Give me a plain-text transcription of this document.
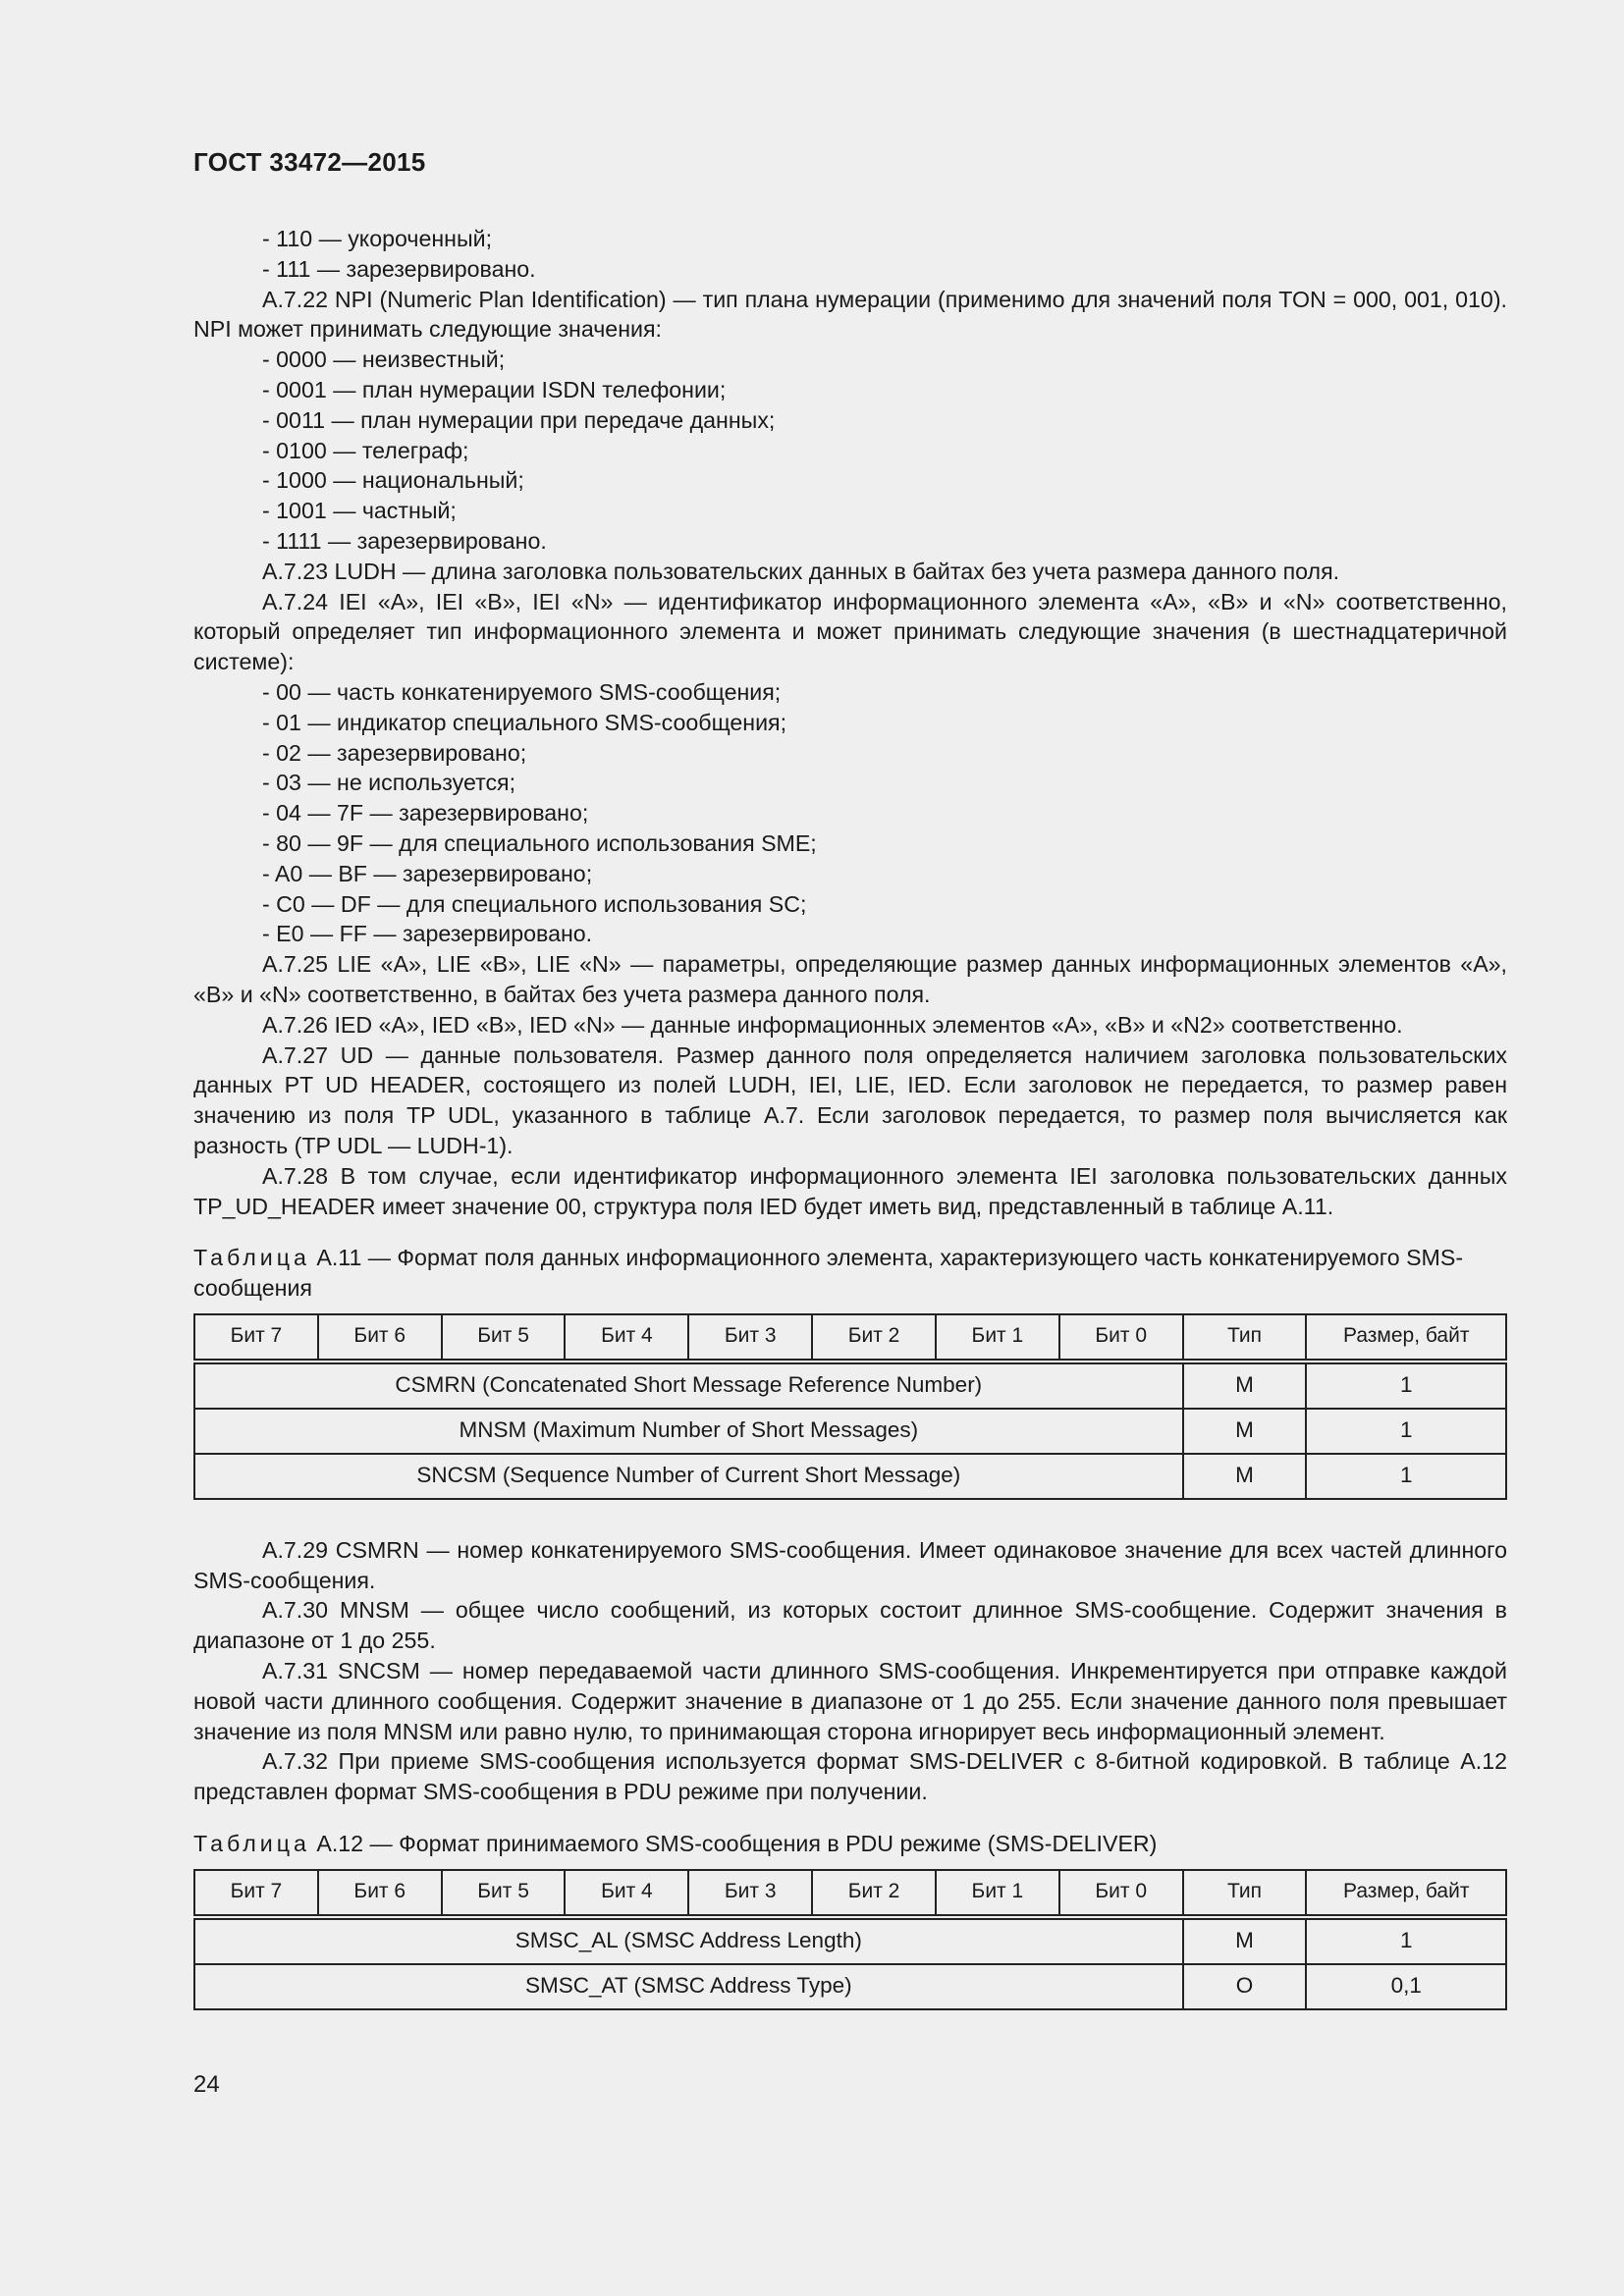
ГОСТ 33472—2015

- 110 — укороченный;

- 111 — зарезервировано.

А.7.22 NPI (Numeric Plan Identification) — тип плана нумерации (применимо для значений поля TON = 000, 001, 010). NPI может принимать следующие значения:

- 0000 — неизвестный;

- 0001 — план нумерации ISDN телефонии;

- 0011 — план нумерации при передаче данных;

- 0100 — телеграф;

- 1000 — национальный;

- 1001 — частный;

- 1111 — зарезервировано.

А.7.23 LUDH — длина заголовка пользовательских данных в байтах без учета размера данного поля.

А.7.24 IEI «A», IEI «B», IEI «N» — идентификатор информационного элемента «A», «B» и «N» соответственно, который определяет тип информационного элемента и может принимать следующие значения (в шестнадцатеричной системе):

- 00 — часть конкатенируемого SMS-сообщения;

- 01 — индикатор специального SMS-сообщения;

- 02 — зарезервировано;

- 03 — не используется;

- 04 — 7F — зарезервировано;

- 80 — 9F — для специального использования SME;

- A0 — BF — зарезервировано;

- C0 — DF — для специального использования SC;

- E0 — FF — зарезервировано.

А.7.25 LIE «A», LIE «B», LIE «N» — параметры, определяющие размер данных информационных элементов «A», «B» и «N» соответственно, в байтах без учета размера данного поля.

А.7.26 IED «A», IED «B», IED «N» — данные информационных элементов «A», «B» и «N2» соответственно.

А.7.27 UD — данные пользователя. Размер данного поля определяется наличием заголовка пользовательских данных PT UD HEADER, состоящего из полей LUDH, IEI, LIE, IED. Если заголовок не передается, то размер равен значению из поля TP UDL, указанного в таблице А.7. Если заголовок передается, то размер поля вычисляется как разность (TP UDL — LUDH-1).

А.7.28 В том случае, если идентификатор информационного элемента IEI заголовка пользовательских данных TP_UD_HEADER имеет значение 00, структура поля IED будет иметь вид, представленный в таблице А.11.

Таблица А.11 — Формат поля данных информационного элемента, характеризующего часть конкатенируемого SMS-сообщения

Бит 7	Бит 6	Бит 5	Бит 4	Бит 3	Бит 2	Бит 1	Бит 0	Тип	Размер, байт
CSMRN (Concatenated Short Message Reference Number)								М	1
MNSM (Maximum Number of Short Messages)								М	1
SNCSM (Sequence Number of Current Short Message)								М	1

А.7.29 CSMRN — номер конкатенируемого SMS-сообщения. Имеет одинаковое значение для всех частей длинного SMS-сообщения.

А.7.30 MNSM — общее число сообщений, из которых состоит длинное SMS-сообщение. Содержит значения в диапазоне от 1 до 255.

А.7.31 SNCSM — номер передаваемой части длинного SMS-сообщения. Инкрементируется при отправке каждой новой части длинного сообщения. Содержит значение в диапазоне от 1 до 255. Если значение данного поля превышает значение из поля MNSM или равно нулю, то принимающая сторона игнорирует весь информационный элемент.

А.7.32 При приеме SMS-сообщения используется формат SMS-DELIVER с 8-битной кодировкой. В таблице А.12 представлен формат SMS-сообщения в PDU режиме при получении.

Таблица А.12 — Формат принимаемого SMS-сообщения в PDU режиме (SMS-DELIVER)

Бит 7	Бит 6	Бит 5	Бит 4	Бит 3	Бит 2	Бит 1	Бит 0	Тип	Размер, байт
SMSC_AL (SMSC Address Length)								М	1
SMSC_AT (SMSC Address Type)								О	0,1
24
